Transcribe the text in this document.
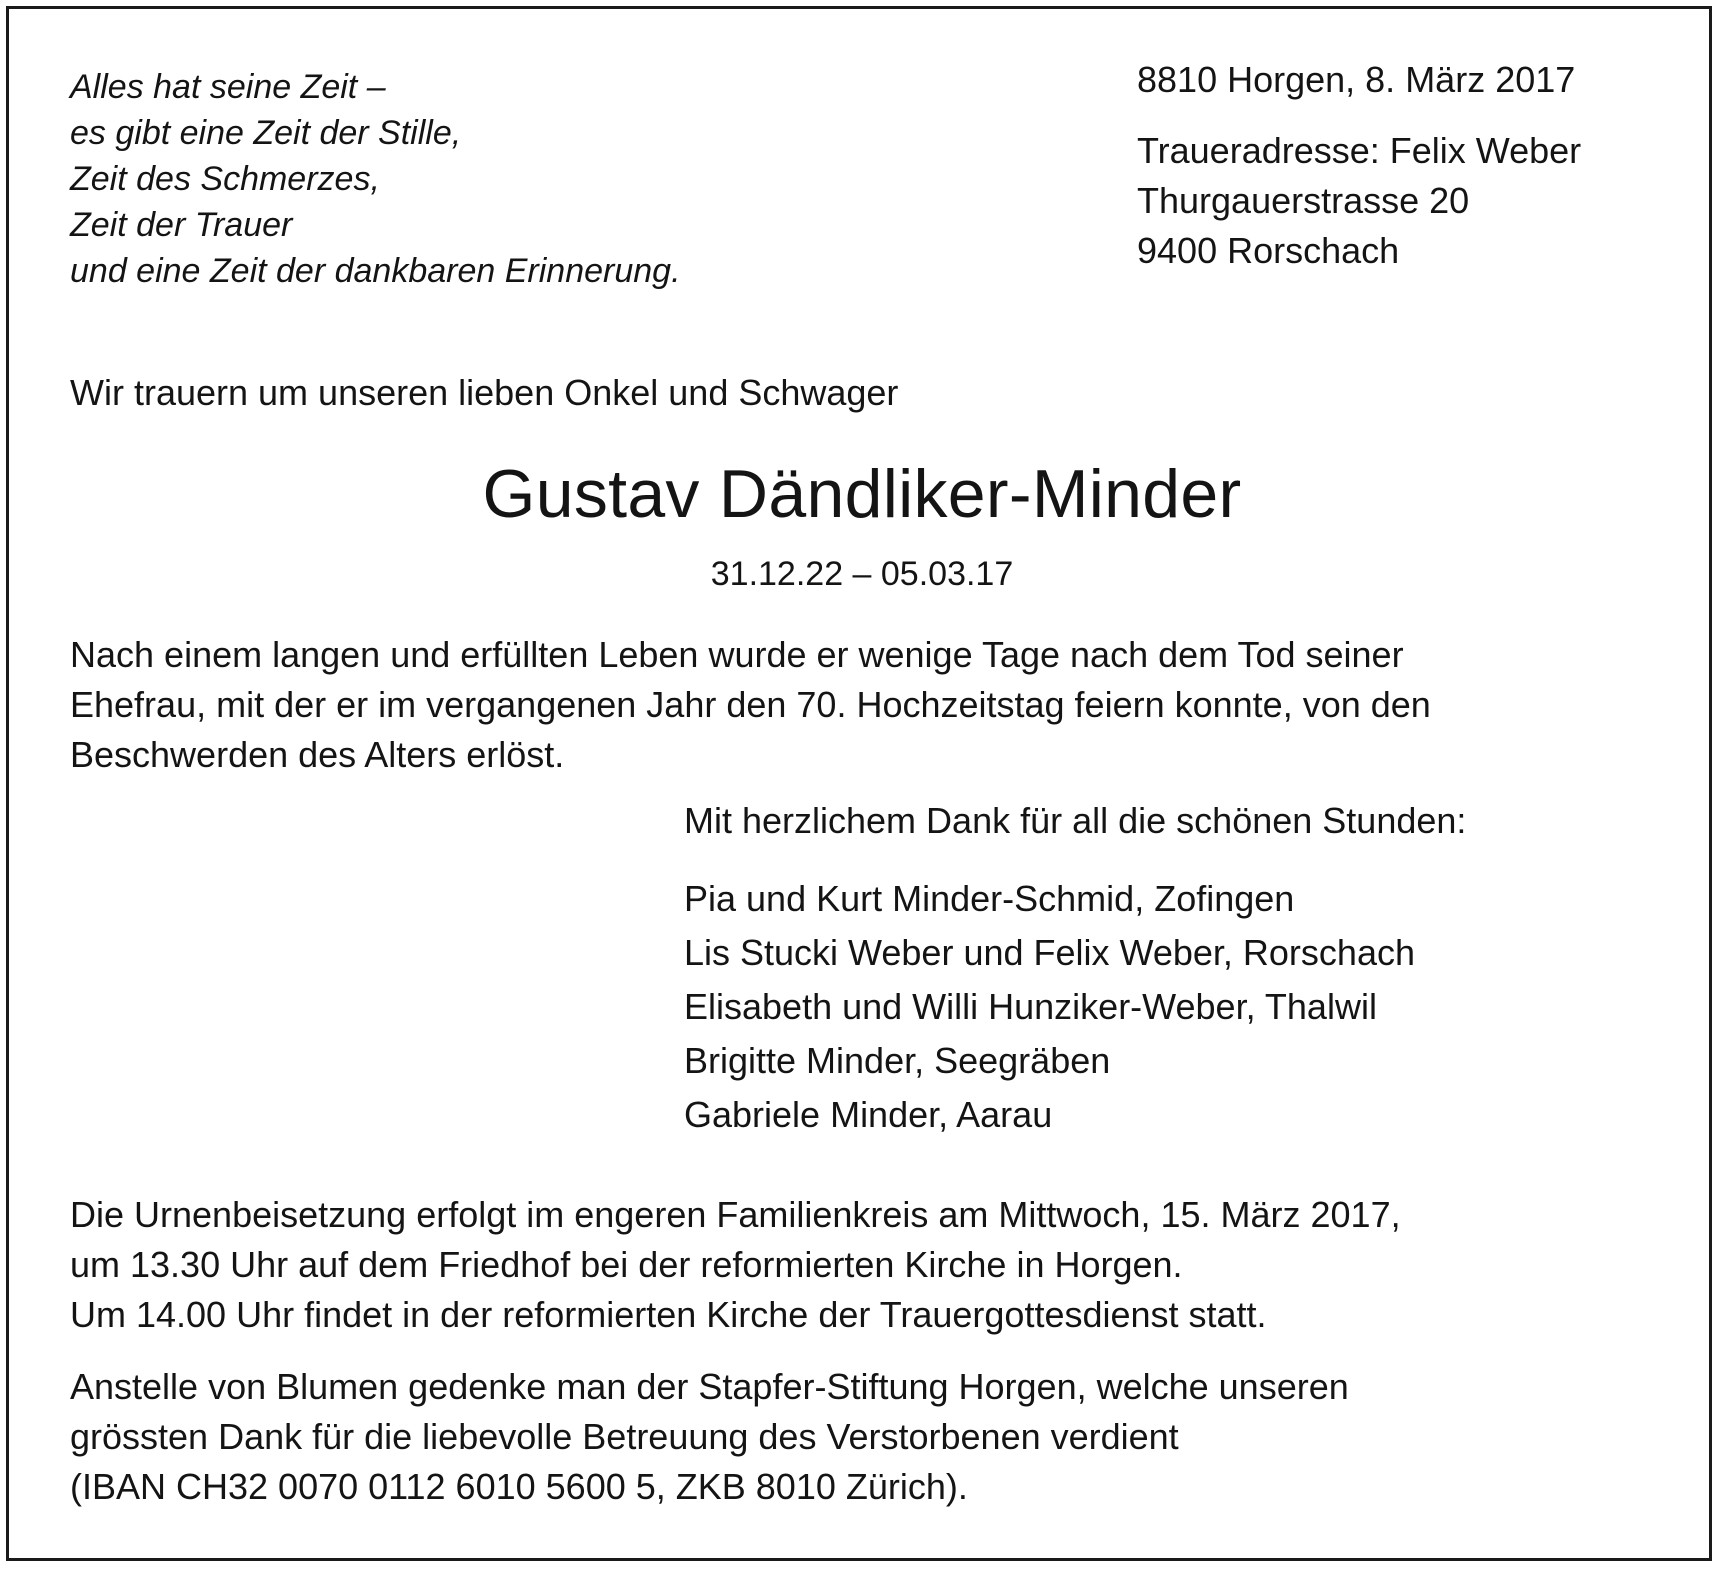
Alles hat seine Zeit –
es gibt eine Zeit der Stille,
Zeit des Schmerzes,
Zeit der Trauer
und eine Zeit der dankbaren Erinnerung.
8810 Horgen, 8. März 2017
Traueradresse: Felix Weber
Thurgauerstrasse 20
9400 Rorschach
Wir trauern um unseren lieben Onkel und Schwager
Gustav Dändliker-Minder
31.12.22 – 05.03.17
Nach einem langen und erfüllten Leben wurde er wenige Tage nach dem Tod seiner
Ehefrau, mit der er im vergangenen Jahr den 70. Hochzeitstag feiern konnte, von den
Beschwerden des Alters erlöst.
Mit herzlichem Dank für all die schönen Stunden:
Pia und Kurt Minder-Schmid, Zofingen
Lis Stucki Weber und Felix Weber, Rorschach
Elisabeth und Willi Hunziker-Weber, Thalwil
Brigitte Minder, Seegräben
Gabriele Minder, Aarau
Die Urnenbeisetzung erfolgt im engeren Familienkreis am Mittwoch, 15. März 2017,
um 13.30 Uhr auf dem Friedhof bei der reformierten Kirche in Horgen.
Um 14.00 Uhr findet in der reformierten Kirche der Trauergottesdienst statt.
Anstelle von Blumen gedenke man der Stapfer-Stiftung Horgen, welche unseren
grössten Dank für die liebevolle Betreuung des Verstorbenen verdient
(IBAN CH32 0070 0112 6010 5600 5, ZKB 8010 Zürich).
